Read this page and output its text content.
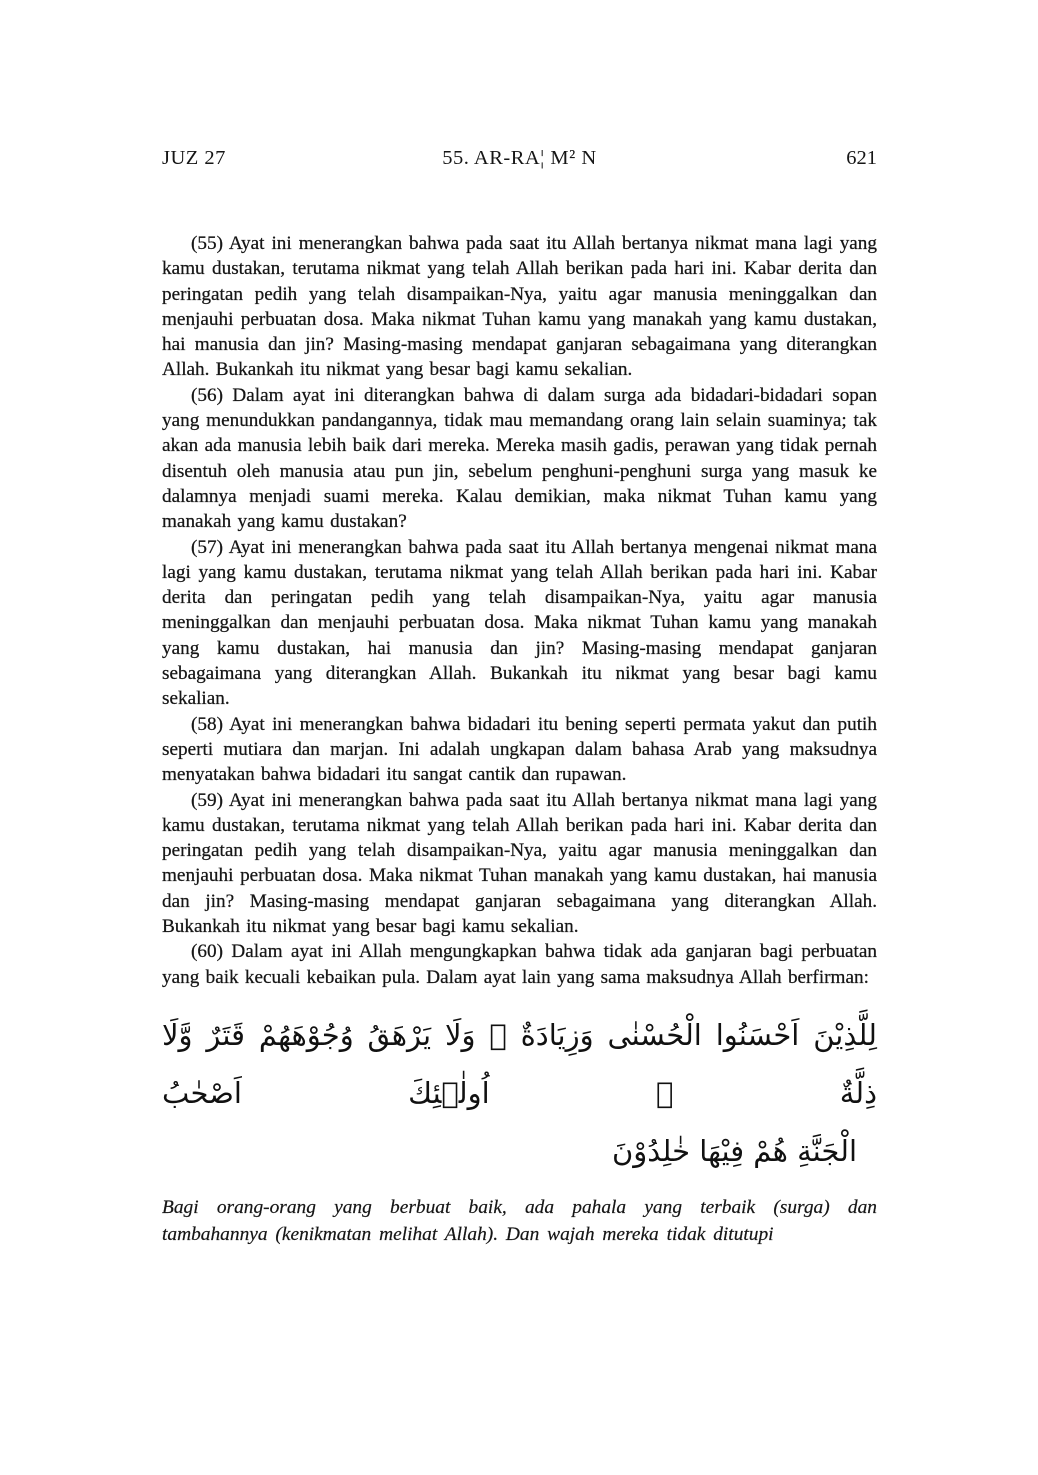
JUZ 27	55. AR-RA¦ M² N	621

(55) Ayat ini menerangkan bahwa pada saat itu Allah bertanya nikmat mana lagi yang kamu dustakan, terutama nikmat yang telah Allah berikan pada hari ini. Kabar derita dan peringatan pedih yang telah disampaikan-Nya, yaitu agar manusia meninggalkan dan menjauhi perbuatan dosa. Maka nikmat Tuhan kamu yang manakah yang kamu dustakan, hai manusia dan jin? Masing-masing mendapat ganjaran sebagaimana yang diterangkan Allah. Bukankah itu nikmat yang besar bagi kamu sekalian.

(56) Dalam ayat ini diterangkan bahwa di dalam surga ada bidadari-bidadari sopan yang menundukkan pandangannya, tidak mau memandang orang lain selain suaminya; tak akan ada manusia lebih baik dari mereka. Mereka masih gadis, perawan yang tidak pernah disentuh oleh manusia atau pun jin, sebelum penghuni-penghuni surga yang masuk ke dalamnya menjadi suami mereka. Kalau demikian, maka nikmat Tuhan kamu yang manakah yang kamu dustakan?

(57) Ayat ini menerangkan bahwa pada saat itu Allah bertanya mengenai nikmat mana lagi yang kamu dustakan, terutama nikmat yang telah Allah berikan pada hari ini. Kabar derita dan peringatan pedih yang telah disampaikan-Nya, yaitu agar manusia meninggalkan dan menjauhi perbuatan dosa. Maka nikmat Tuhan kamu yang manakah yang kamu dustakan, hai manusia dan jin? Masing-masing mendapat ganjaran sebagaimana yang diterangkan Allah. Bukankah itu nikmat yang besar bagi kamu sekalian.

(58) Ayat ini menerangkan bahwa bidadari itu bening seperti permata yakut dan putih seperti mutiara dan marjan. Ini adalah ungkapan dalam bahasa Arab yang maksudnya menyatakan bahwa bidadari itu sangat cantik dan rupawan.

(59) Ayat ini menerangkan bahwa pada saat itu Allah bertanya nikmat mana lagi yang kamu dustakan, terutama nikmat yang telah Allah berikan pada hari ini. Kabar derita dan peringatan pedih yang telah disampaikan-Nya, yaitu agar manusia meninggalkan dan menjauhi perbuatan dosa. Maka nikmat Tuhan manakah yang kamu dustakan, hai manusia dan jin? Masing-masing mendapat ganjaran sebagaimana yang diterangkan Allah. Bukankah itu nikmat yang besar bagi kamu sekalian.

(60) Dalam ayat ini Allah mengungkapkan bahwa tidak ada ganjaran bagi perbuatan yang baik kecuali kebaikan pula. Dalam ayat lain yang sama maksudnya Allah berfirman:

لِلَّذِيْنَ اَحْسَنُوا الْحُسْنٰى وَزِيَادَةٌ ۗ وَلَا يَرْهَقُ وُجُوْهَهُمْ قَتَرٌ وَّلَا ذِلَّةٌ ۗ اُولٰۤئِكَ اَصْحٰبُ
الْجَنَّةِ هُمْ فِيْهَا خٰلِدُوْنَ

Bagi orang-orang yang berbuat baik, ada pahala yang terbaik (surga) dan tambahannya (kenikmatan melihat Allah). Dan wajah mereka tidak ditutupi
